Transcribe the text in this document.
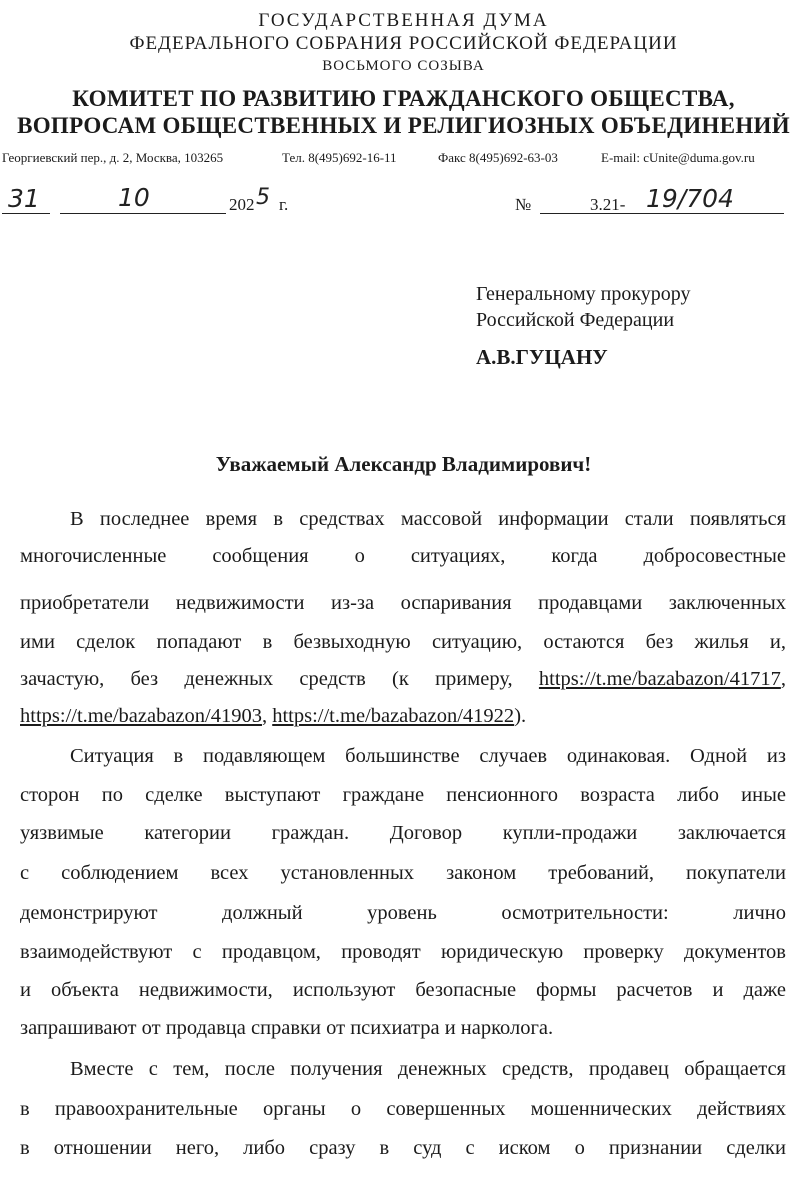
ГОСУДАРСТВЕННАЯ ДУМА
ФЕДЕРАЛЬНОГО СОБРАНИЯ РОССИЙСКОЙ ФЕДЕРАЦИИ
ВОСЬМОГО СОЗЫВА
КОМИТЕТ ПО РАЗВИТИЮ ГРАЖДАНСКОГО ОБЩЕСТВА,
ВОПРОСАМ ОБЩЕСТВЕННЫХ И РЕЛИГИОЗНЫХ ОБЪЕДИНЕНИЙ
Георгиевский пер., д. 2, Москва, 103265	Тел. 8(495)692-16-11	Факс 8(495)692-63-03	E-mail: cUnite@duma.gov.ru
31	10	202 5 г.	№	3.21- 19/704
Генеральному прокурору
Российской Федерации
А.В.ГУЦАНУ
Уважаемый Александр Владимирович!
В последнее время в средствах массовой информации стали появляться
многочисленные сообщения о ситуациях, когда добросовестные
приобретатели недвижимости из-за оспаривания продавцами заключенных
ими сделок попадают в безвыходную ситуацию, остаются без жилья и,
зачастую, без денежных средств (к примеру, https://t.me/bazabazon/41717,
https://t.me/bazabazon/41903, https://t.me/bazabazon/41922).
Ситуация в подавляющем большинстве случаев одинаковая. Одной из
сторон по сделке выступают граждане пенсионного возраста либо иные
уязвимые категории граждан. Договор купли-продажи заключается
с соблюдением всех установленных законом требований, покупатели
демонстрируют должный уровень осмотрительности: лично
взаимодействуют с продавцом, проводят юридическую проверку документов
и объекта недвижимости, используют безопасные формы расчетов и даже
запрашивают от продавца справки от психиатра и нарколога.
Вместе с тем, после получения денежных средств, продавец обращается
в правоохранительные органы о совершенных мошеннических действиях
в отношении него, либо сразу в суд с иском о признании сделки
